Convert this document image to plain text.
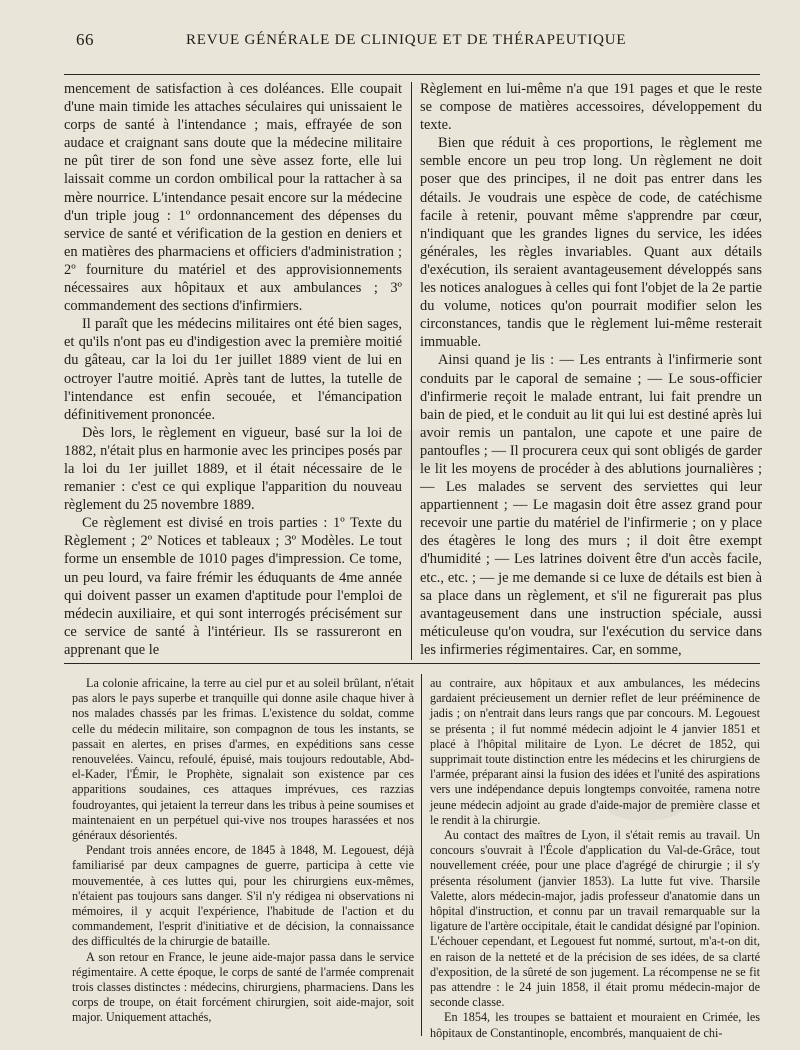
66	REVUE GÉNÉRALE DE CLINIQUE ET DE THÉRAPEUTIQUE

mencement de satisfaction à ces doléances. Elle coupait d'une main timide les attaches séculaires qui unissaient le corps de santé à l'intendance ; mais, effrayée de son audace et craignant sans doute que la médecine militaire ne pût tirer de son fond une sève assez forte, elle lui laissait comme un cordon ombilical pour la rattacher à sa mère nourrice. L'intendance pesait encore sur la médecine d'un triple joug : 1º ordonnancement des dépenses du service de santé et vérification de la gestion en deniers et en matières des pharmaciens et officiers d'administration ; 2º fourniture du matériel et des approvisionnements nécessaires aux hôpitaux et aux ambulances ; 3º commandement des sections d'infirmiers.

Il paraît que les médecins militaires ont été bien sages, et qu'ils n'ont pas eu d'indigestion avec la première moitié du gâteau, car la loi du 1er juillet 1889 vient de lui en octroyer l'autre moitié. Après tant de luttes, la tutelle de l'intendance est enfin secouée, et l'émancipation définitivement prononcée.

Dès lors, le règlement en vigueur, basé sur la loi de 1882, n'était plus en harmonie avec les principes posés par la loi du 1er juillet 1889, et il était nécessaire de le remanier : c'est ce qui explique l'apparition du nouveau règlement du 25 novembre 1889.

Ce règlement est divisé en trois parties : 1º Texte du Règlement ; 2º Notices et tableaux ; 3º Modèles. Le tout forme un ensemble de 1010 pages d'impression. Ce tome, un peu lourd, va faire frémir les éduquants de 4me année qui doivent passer un examen d'aptitude pour l'emploi de médecin auxiliaire, et qui sont interrogés précisément sur ce service de santé à l'intérieur. Ils se rassureront en apprenant que le

Règlement en lui-même n'a que 191 pages et que le reste se compose de matières accessoires, développement du texte.

Bien que réduit à ces proportions, le règlement me semble encore un peu trop long. Un règlement ne doit poser que des principes, il ne doit pas entrer dans les détails. Je voudrais une espèce de code, de catéchisme facile à retenir, pouvant même s'apprendre par cœur, n'indiquant que les grandes lignes du service, les idées générales, les règles invariables. Quant aux détails d'exécution, ils seraient avantageusement développés sans les notices analogues à celles qui font l'objet de la 2e partie du volume, notices qu'on pourrait modifier selon les circonstances, tandis que le règlement lui-même resterait immuable.

Ainsi quand je lis : — Les entrants à l'infirmerie sont conduits par le caporal de semaine ; — Le sous-officier d'infirmerie reçoit le malade entrant, lui fait prendre un bain de pied, et le conduit au lit qui lui est destiné après lui avoir remis un pantalon, une capote et une paire de pantoufles ; — Il procurera ceux qui sont obligés de garder le lit les moyens de procéder à des ablutions journalières ; — Les malades se servent des serviettes qui leur appartiennent ; — Le magasin doit être assez grand pour recevoir une partie du matériel de l'infirmerie ; on y place des étagères le long des murs ; il doit être exempt d'humidité ; — Les latrines doivent être d'un accès facile, etc., etc. ; — je me demande si ce luxe de détails est bien à sa place dans un règlement, et s'il ne figurerait pas plus avantageusement dans une instruction spéciale, aussi méticuleuse qu'on voudra, sur l'exécution du service dans les infirmeries régimentaires. Car, en somme,

La colonie africaine, la terre au ciel pur et au soleil brûlant, n'était pas alors le pays superbe et tranquille qui donne asile chaque hiver à nos malades chassés par les frimas. L'existence du soldat, comme celle du médecin militaire, son compagnon de tous les instants, se passait en alertes, en prises d'armes, en expéditions sans cesse renouvelées. Vaincu, refoulé, épuisé, mais toujours redoutable, Abd-el-Kader, l'Émir, le Prophète, signalait son existence par ces apparitions soudaines, ces attaques imprévues, ces razzias foudroyantes, qui jetaient la terreur dans les tribus à peine soumises et maintenaient en un perpétuel qui-vive nos troupes harassées et nos généraux désorientés.

Pendant trois années encore, de 1845 à 1848, M. Legouest, déjà familiarisé par deux campagnes de guerre, participa à cette vie mouvementée, à ces luttes qui, pour les chirurgiens eux-mêmes, n'étaient pas toujours sans danger. S'il n'y rédigea ni observations ni mémoires, il y acquit l'expérience, l'habitude de l'action et du commandement, l'esprit d'initiative et de décision, la connaissance des difficultés de la chirurgie de bataille.

A son retour en France, le jeune aide-major passa dans le service régimentaire. A cette époque, le corps de santé de l'armée comprenait trois classes distinctes : médecins, chirurgiens, pharmaciens. Dans les corps de troupe, on était forcément chirurgien, soit aide-major, soit major. Uniquement attachés,

au contraire, aux hôpitaux et aux ambulances, les médecins gardaient précieusement un dernier reflet de leur prééminence de jadis ; on n'entrait dans leurs rangs que par concours. M. Legouest se présenta ; il fut nommé médecin adjoint le 4 janvier 1851 et placé à l'hôpital militaire de Lyon. Le décret de 1852, qui supprimait toute distinction entre les médecins et les chirurgiens de l'armée, préparant ainsi la fusion des idées et l'unité des aspirations vers une indépendance depuis longtemps convoitée, ramena notre jeune médecin adjoint au grade d'aide-major de première classe et le rendit à la chirurgie.

Au contact des maîtres de Lyon, il s'était remis au travail. Un concours s'ouvrait à l'École d'application du Val-de-Grâce, tout nouvellement créée, pour une place d'agrégé de chirurgie ; il s'y présenta résolument (janvier 1853). La lutte fut vive. Tharsile Valette, alors médecin-major, jadis professeur d'anatomie dans un hôpital d'instruction, et connu par un travail remarquable sur la ligature de l'artère occipitale, était le candidat désigné par l'opinion. L'échouer cependant, et Legouest fut nommé, surtout, m'a-t-on dit, en raison de la netteté et de la précision de ses idées, de sa clarté d'exposition, de la sûreté de son jugement. La récompense ne se fit pas attendre : le 24 juin 1858, il était promu médecin-major de seconde classe.

En 1854, les troupes se battaient et mouraient en Crimée, les hôpitaux de Constantinople, encombrés, manquaient de chi-
